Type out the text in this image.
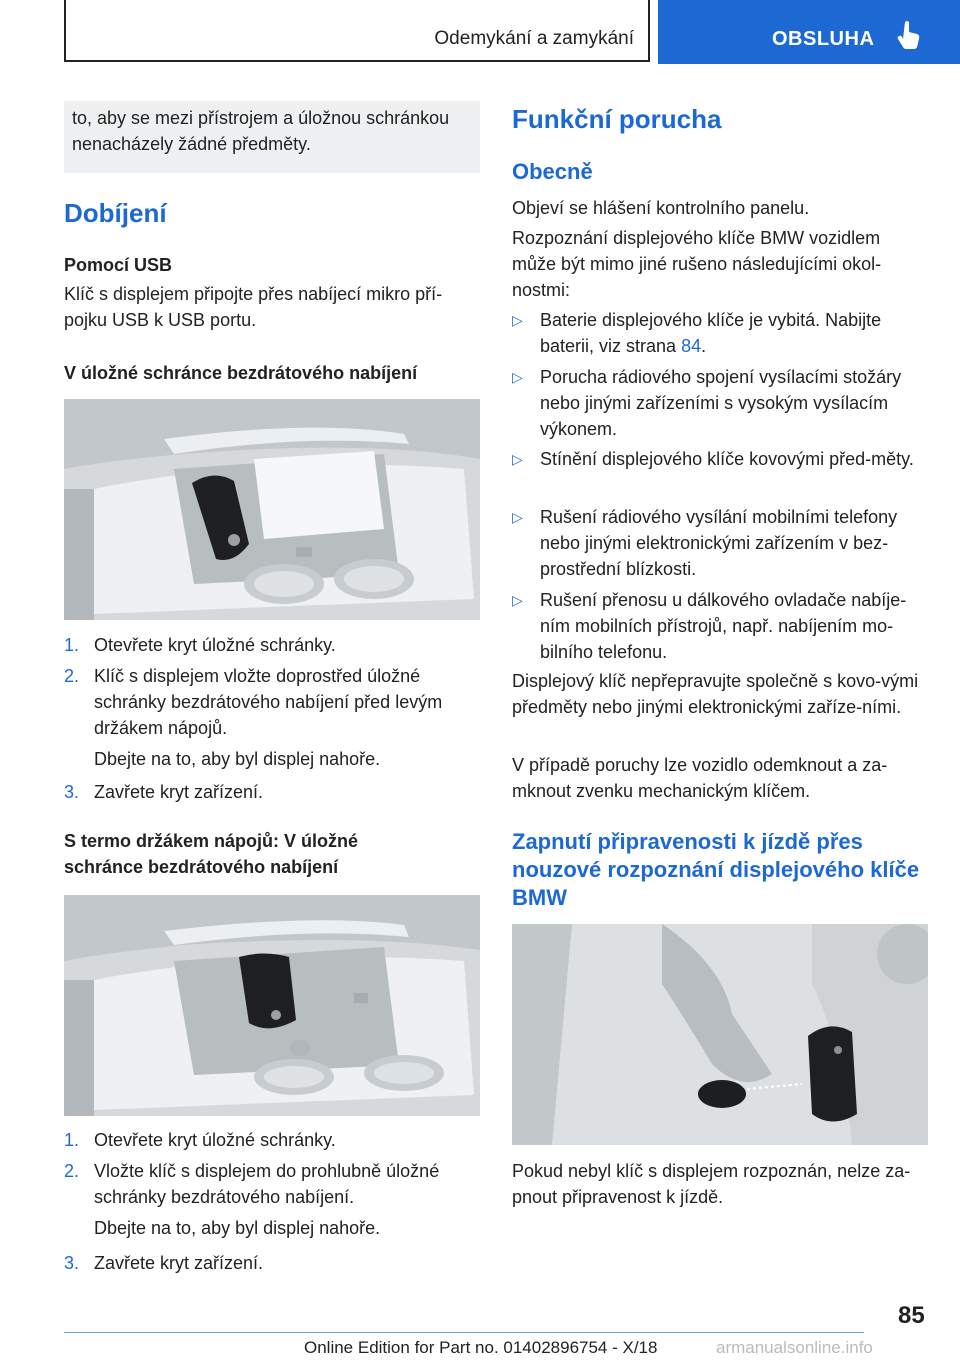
Odemykání a zamykání	OBSLUHA
to, aby se mezi přístrojem a úložnou schránkou nenacházely žádné předměty.
Dobíjení
Pomocí USB
Klíč s displejem připojte přes nabíjecí mikro pří-pojku USB k USB portu.
V úložné schránce bezdrátového nabíjení
1. Otevřete kryt úložné schránky.
2. Klíč s displejem vložte doprostřed úložné schránky bezdrátového nabíjení před levým držákem nápojů.
Dbejte na to, aby byl displej nahoře.
3. Zavřete kryt zařízení.
S termo držákem nápojů: V úložné schránce bezdrátového nabíjení
1. Otevřete kryt úložné schránky.
2. Vložte klíč s displejem do prohlubně úložné schránky bezdrátového nabíjení.
Dbejte na to, aby byl displej nahoře.
3. Zavřete kryt zařízení.
Funkční porucha
Obecně
Objeví se hlášení kontrolního panelu.
Rozpoznání displejového klíče BMW vozidlem může být mimo jiné rušeno následujícími okol-nostmi:
▷ Baterie displejového klíče je vybitá. Nabijte baterii, viz strana 84.
▷ Porucha rádiového spojení vysílacími stožáry nebo jinými zařízeními s vysokým vysílacím výkonem.
▷ Stínění displejového klíče kovovými před-měty.
▷ Rušení rádiového vysílání mobilními telefony nebo jinými elektronickými zařízením v bez-prostřední blízkosti.
▷ Rušení přenosu u dálkového ovladače nabíje-ním mobilních přístrojů, např. nabíjením mo-bilního telefonu.
Displejový klíč nepřepravujte společně s kovo-vými předměty nebo jinými elektronickými zaříze-ními.
V případě poruchy lze vozidlo odemknout a za-mknout zvenku mechanickým klíčem.
Zapnutí připravenosti k jízdě přes nouzové rozpoznání displejového klíče BMW
Pokud nebyl klíč s displejem rozpoznán, nelze za-pnout připravenost k jízdě.
85
Online Edition for Part no. 01402896754 - X/18	armanualsonline.info
